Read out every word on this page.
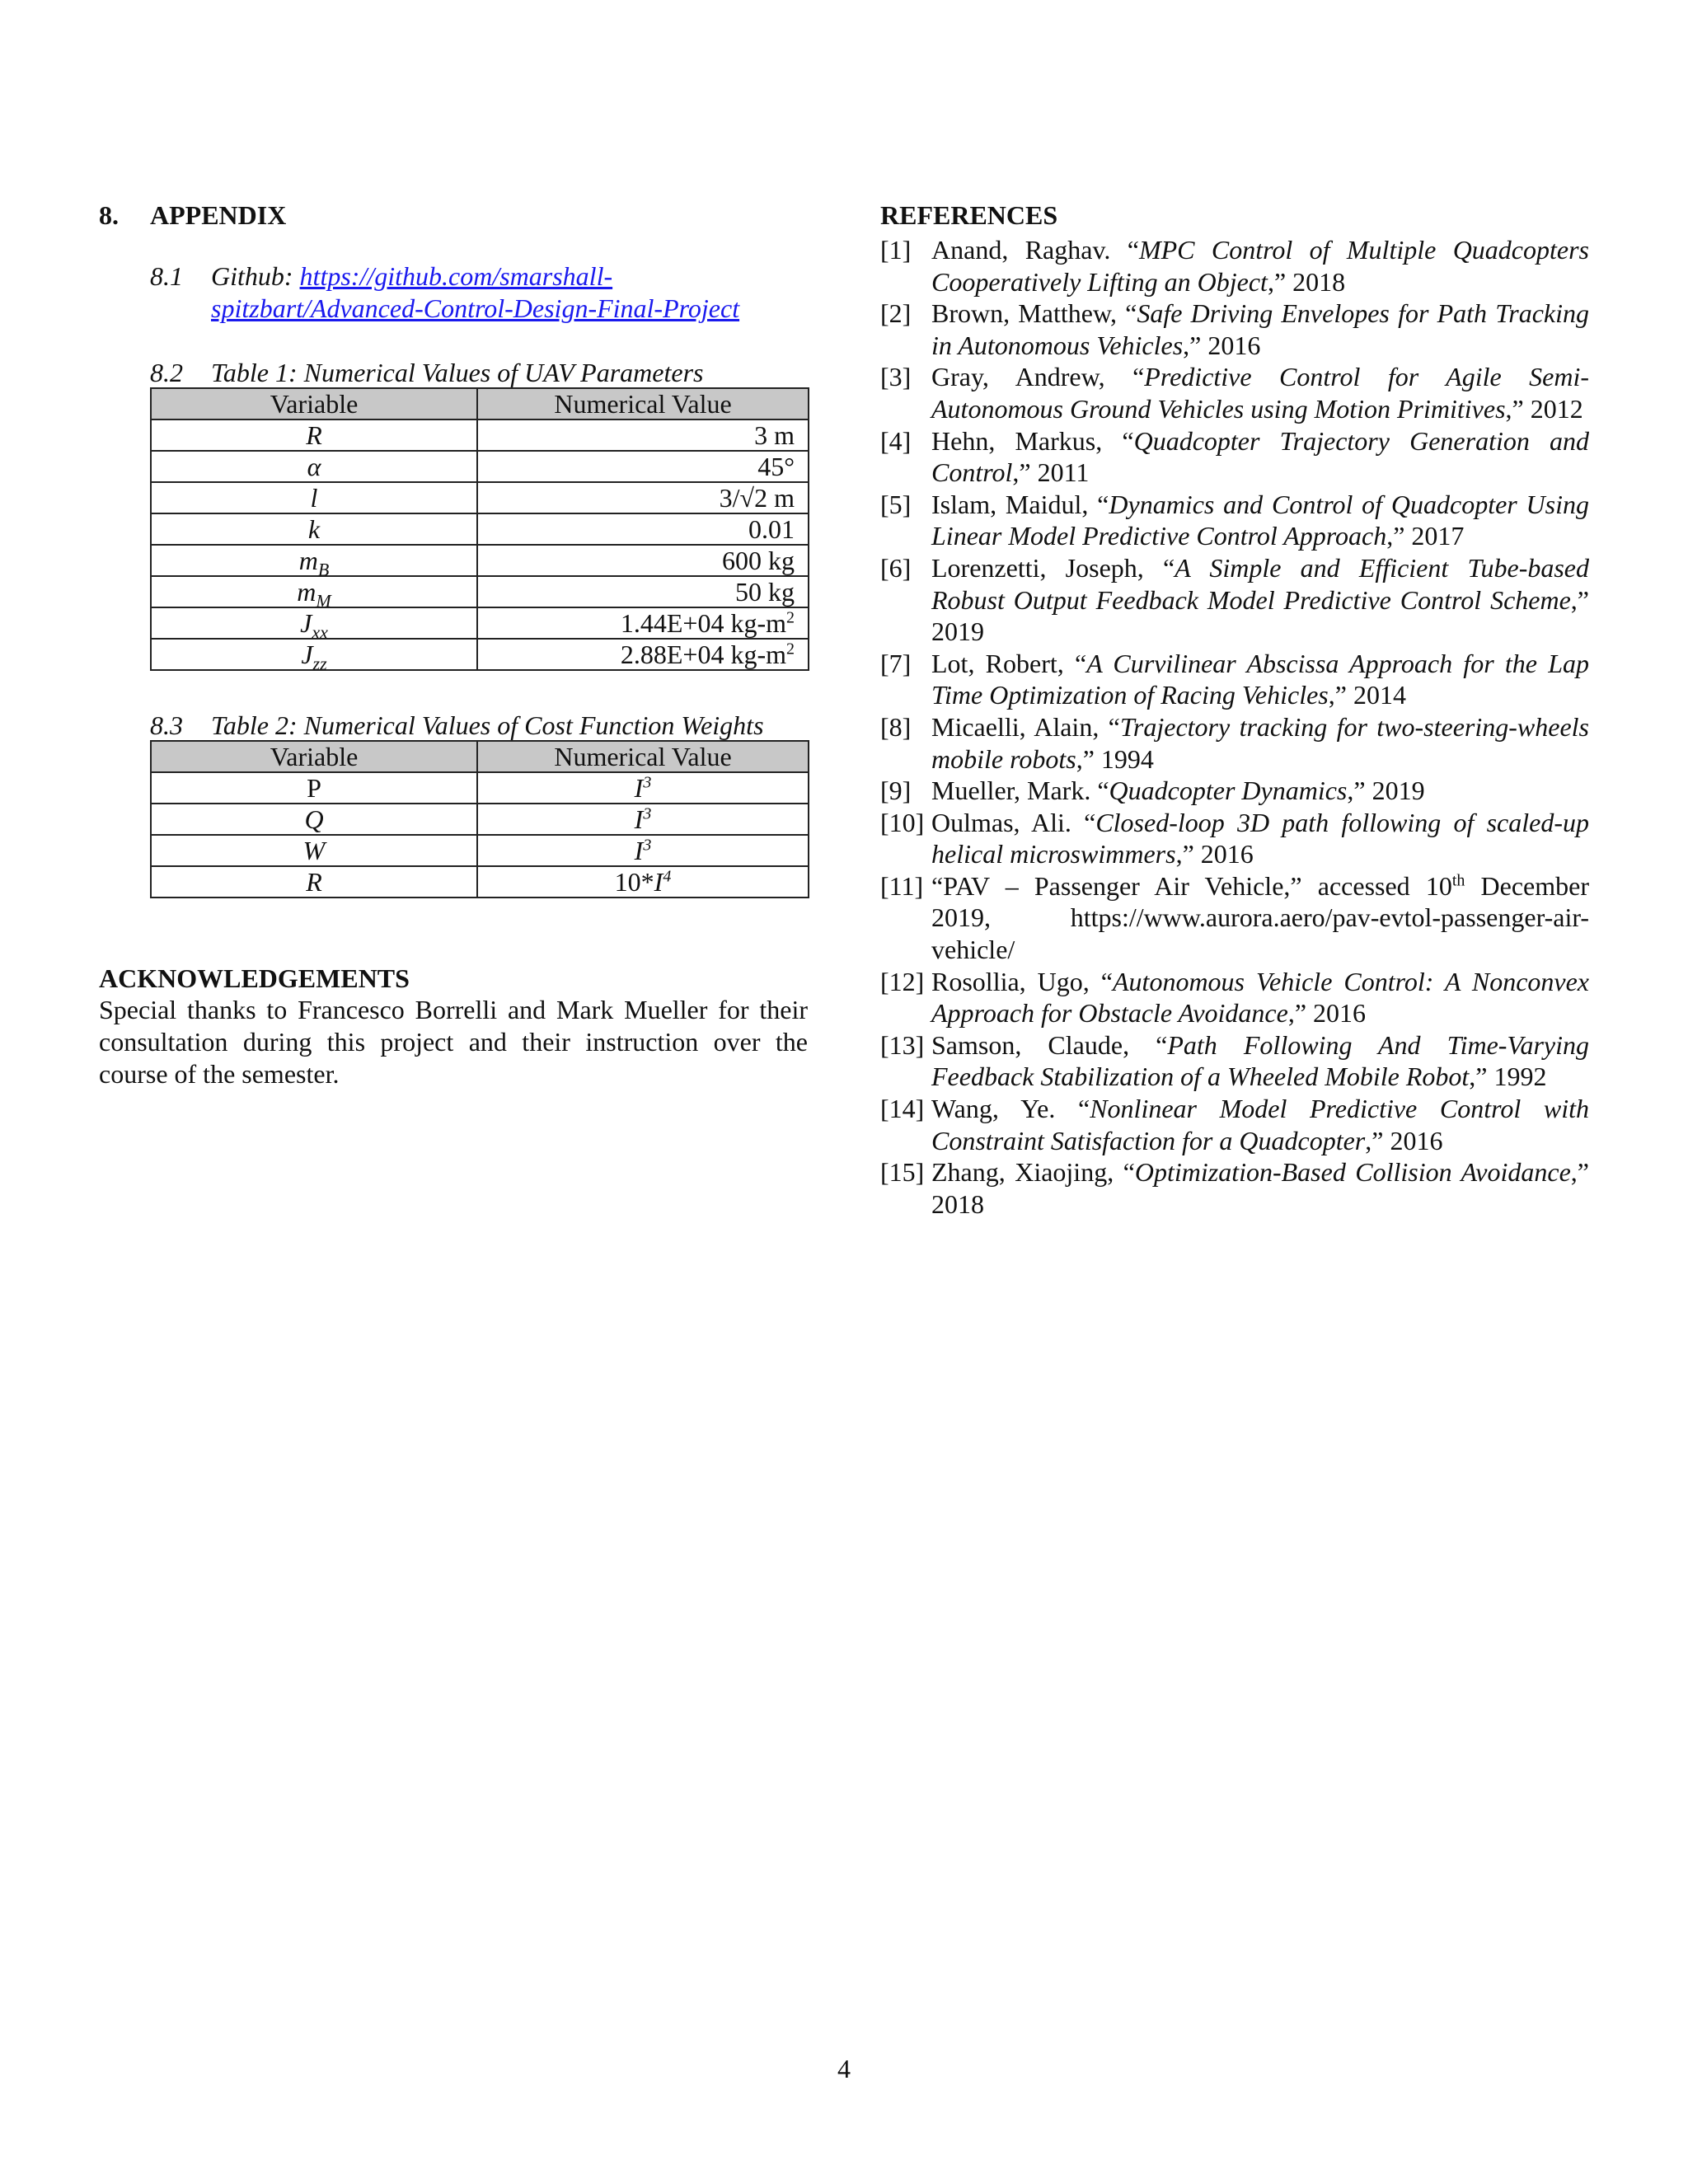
8. APPENDIX
8.1	Github: https://github.com/smarshall-
spitzbart/Advanced-Control-Design-Final-Project
8.2 Table 1: Numerical Values of UAV Parameters
Variable	Numerical Value
R	3 m
α	45°
l	3/√2 m
k	0.01
$m_B$	600 kg
$m_M$	50 kg
$J_{xx}$	1.44E+04 $kg-m^2$
$J_{zz}$	2.88E+04 $kg-m^2$
8.3 Table 2: Numerical Values of Cost Function Weights
Variable	Numerical Value
P	$I^3$
Q	$I^3$
W	$I^3$
R	$10*I^4$
ACKNOWLEDGEMENTS

Special thanks to Francesco Borrelli and Mark Mueller for their consultation during this project and their instruction over the course of the semester.

REFERENCES
[1] Anand, Raghav. “MPC Control of Multiple Quadcopters Cooperatively Lifting an Object,” 2018
[2] Brown, Matthew, “Safe Driving Envelopes for Path Tracking in Autonomous Vehicles,” 2016
[3] Gray, Andrew, “Predictive Control for Agile Semi-Autonomous Ground Vehicles using Motion Primitives,” 2012
[4] Hehn, Markus, “Quadcopter Trajectory Generation and Control,” 2011
[5] Islam, Maidul, “Dynamics and Control of Quadcopter Using Linear Model Predictive Control Approach,” 2017
[6] Lorenzetti, Joseph, “A Simple and Efficient Tube-based Robust Output Feedback Model Predictive Control Scheme,” 2019
[7] Lot, Robert, “A Curvilinear Abscissa Approach for the Lap Time Optimization of Racing Vehicles,” 2014
[8] Micaelli, Alain, “Trajectory tracking for two-steering-wheels mobile robots,” 1994
[9] Mueller, Mark. “Quadcopter Dynamics,” 2019
[10] Oulmas, Ali. “Closed-loop 3D path following of scaled-up helical microswimmers,” 2016
[11] “PAV – Passenger Air Vehicle,” accessed 10th December 2019, https://www.aurora.aero/pav-evtol-passenger-air-vehicle/
[12] Rosollia, Ugo, “Autonomous Vehicle Control: A Nonconvex Approach for Obstacle Avoidance,” 2016
[13] Samson, Claude, “Path Following And Time-Varying Feedback Stabilization of a Wheeled Mobile Robot,” 1992
[14] Wang, Ye. “Nonlinear Model Predictive Control with Constraint Satisfaction for a Quadcopter,” 2016
[15] Zhang, Xiaojing, “Optimization-Based Collision Avoidance,” 2018
4
